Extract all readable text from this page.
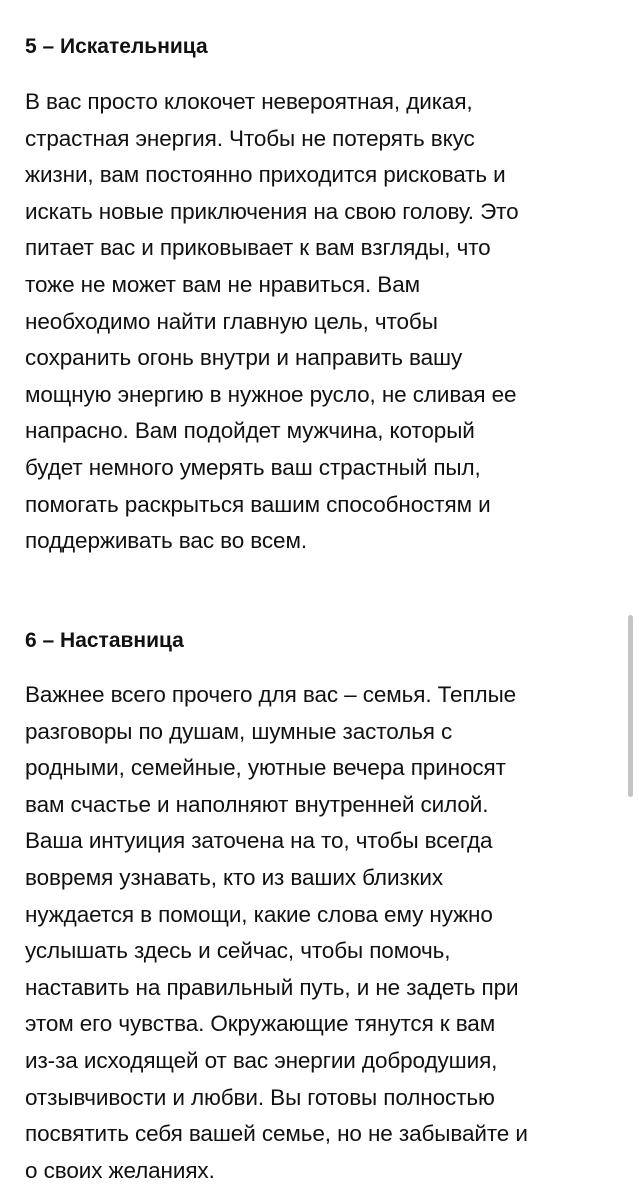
5 – Искательница
В вас просто клокочет невероятная, дикая,
страстная энергия. Чтобы не потерять вкус
жизни, вам постоянно приходится рисковать и
искать новые приключения на свою голову. Это
питает вас и приковывает к вам взгляды, что
тоже не может вам не нравиться. Вам
необходимо найти главную цель, чтобы
сохранить огонь внутри и направить вашу
мощную энергию в нужное русло, не сливая ее
напрасно. Вам подойдет мужчина, который
будет немного умерять ваш страстный пыл,
помогать раскрыться вашим способностям и
поддерживать вас во всем.
6 – Наставница
Важнее всего прочего для вас – семья. Теплые
разговоры по душам, шумные застолья с
родными, семейные, уютные вечера приносят
вам счастье и наполняют внутренней силой.
Ваша интуиция заточена на то, чтобы всегда
вовремя узнавать, кто из ваших близких
нуждается в помощи, какие слова ему нужно
услышать здесь и сейчас, чтобы помочь,
наставить на правильный путь, и не задеть при
этом его чувства. Окружающие тянутся к вам
из-за исходящей от вас энергии добродушия,
отзывчивости и любви. Вы готовы полностью
посвятить себя вашей семье, но не забывайте и
о своих желаниях.
